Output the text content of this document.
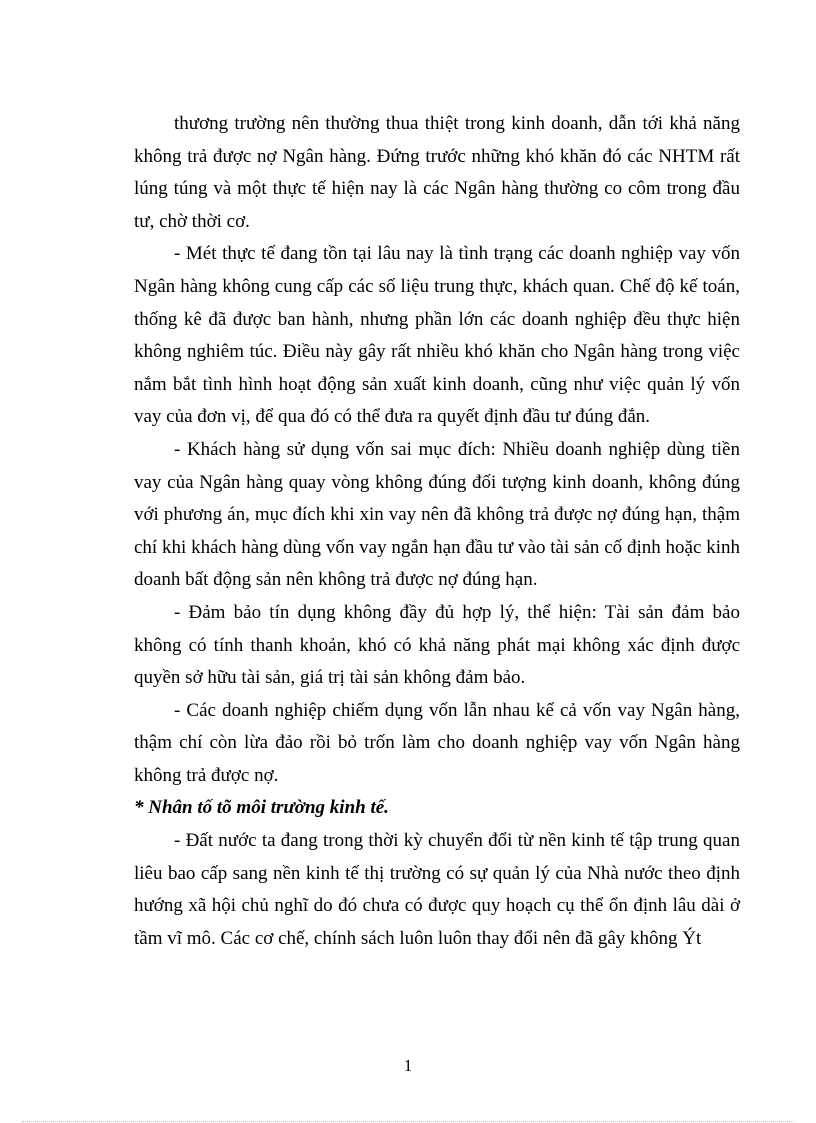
thương trường nên thường thua thiệt trong kinh doanh, dẫn tới khả năng không trả được nợ Ngân hàng. Đứng trước những khó khăn đó các NHTM rất lúng túng và một thực tế hiện nay là các Ngân hàng thường co côm trong đầu tư, chờ thời cơ.

- Mét thực tế đang tồn tại lâu nay là tình trạng các doanh nghiệp vay vốn Ngân hàng không cung cấp các số liệu trung thực, khách quan. Chế độ kế toán, thống kê đã được ban hành, nhưng phần lớn các doanh nghiệp đều thực hiện không nghiêm túc. Điều này gây rất nhiều khó khăn cho Ngân hàng trong việc nắm bắt tình hình hoạt động sản xuất kinh doanh, cũng như việc quản lý vốn vay của đơn vị, để qua đó có thể đưa ra quyết định đầu tư đúng đắn.

- Khách hàng sử dụng vốn sai mục đích: Nhiều doanh nghiệp dùng tiền vay của Ngân hàng quay vòng không đúng đối tượng kinh doanh, không đúng với phương án, mục đích khi xin vay nên đã không trả được nợ đúng hạn, thậm chí khi khách hàng dùng vốn vay ngắn hạn đầu tư vào tài sản cố định hoặc kinh doanh bất động sản nên không trả được nợ đúng hạn.

- Đảm bảo tín dụng không đầy đủ hợp lý, thể hiện: Tài sản đảm bảo không có tính thanh khoản, khó có khả năng phát mại không xác định được quyền sở hữu tài sản, giá trị tài sản không đảm bảo.

- Các doanh nghiệp chiếm dụng vốn lẫn nhau kể cả vốn vay Ngân hàng, thậm chí còn lừa đảo rồi bỏ trốn làm cho doanh nghiệp vay vốn Ngân hàng không trả được nợ.

* Nhân tố tõ môi trường kinh tế.

- Đất nước ta đang trong thời kỳ chuyển đổi từ nền kinh tế tập trung quan liêu bao cấp sang nền kinh tế thị trường có sự quản lý của Nhà nước theo định hướng xã hội chủ nghĩ do đó chưa có được quy hoạch cụ thể ổn định lâu dài ở tầm vĩ mô. Các cơ chế, chính sách luôn luôn thay đổi nên đã gây không Ýt

1
